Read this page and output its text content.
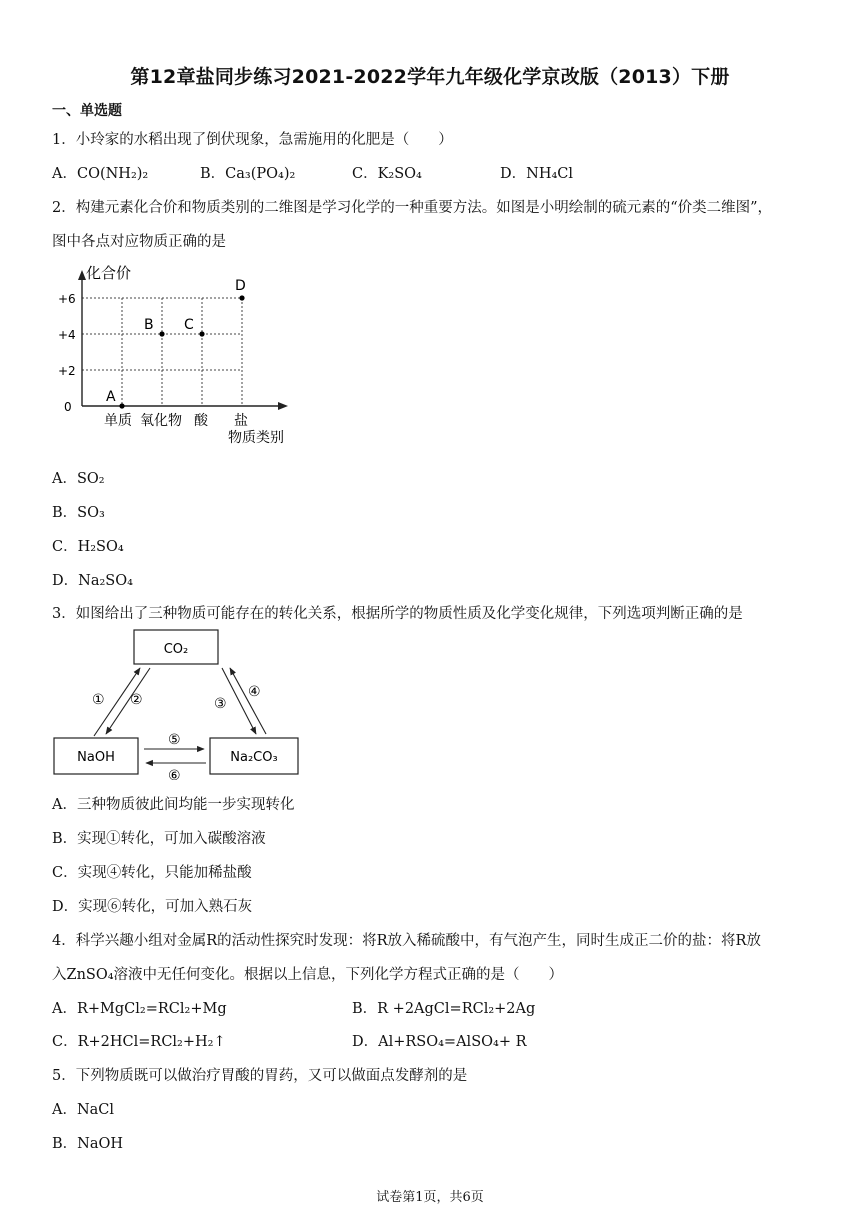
第12章盐同步练习2021-2022学年九年级化学京改版（2013）下册
一、单选题
1．小玲家的水稻出现了倒伏现象，急需施用的化肥是（　　）
A．CO(NH₂)₂	B．Ca₃(PO₄)₂	C．K₂SO₄	D．NH₄Cl
2．构建元素化合价和物质类别的二维图是学习化学的一种重要方法。如图是小明绘制的硫元素的“价类二维图”，
图中各点对应物质正确的是
化合价
+6
+4
+2
0
单质 氧化物 酸 盐
物质类别
A
B C
D
A．SO₂
B．SO₃
C．H₂SO₄
D．Na₂SO₄
3．如图给出了三种物质可能存在的转化关系，根据所学的物质性质及化学变化规律，下列选项判断正确的是
CO₂
NaOH	Na₂CO₃
① ②	③
④
⑤
⑥
A．三种物质彼此间均能一步实现转化
B．实现①转化，可加入碳酸溶液
C．实现④转化，只能加稀盐酸
D．实现⑥转化，可加入熟石灰
4．科学兴趣小组对金属R的活动性探究时发现：将R放入稀硫酸中，有气泡产生，同时生成正二价的盐：将R放
入ZnSO₄溶液中无任何变化。根据以上信息，下列化学方程式正确的是（　　）
A．R+MgCl₂=RCl₂+Mg	B．R +2AgCl=RCl₂+2Ag
C．R+2HCl=RCl₂+H₂↑	D．Al+RSO₄=AlSO₄+ R
5．下列物质既可以做治疗胃酸的胃药，又可以做面点发酵剂的是
A．NaCl
B．NaOH
试卷第1页，共6页
